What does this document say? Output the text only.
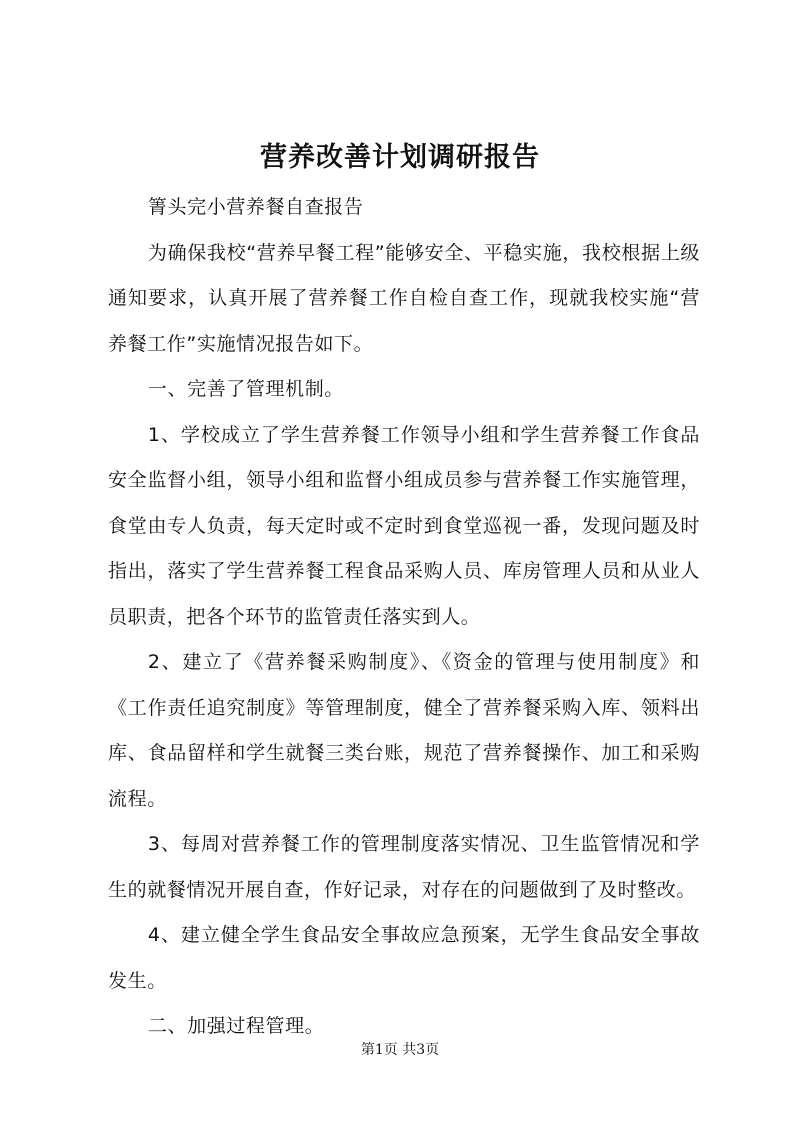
营养改善计划调研报告

箐头完小营养餐自查报告

为确保我校“营养早餐工程”能够安全、平稳实施，我校根据上级通知要求，认真开展了营养餐工作自检自查工作，现就我校实施“营养餐工作”实施情况报告如下。

一、完善了管理机制。

1、学校成立了学生营养餐工作领导小组和学生营养餐工作食品安全监督小组，领导小组和监督小组成员参与营养餐工作实施管理，食堂由专人负责，每天定时或不定时到食堂巡视一番，发现问题及时指出，落实了学生营养餐工程食品采购人员、库房管理人员和从业人员职责，把各个环节的监管责任落实到人。

2、建立了《营养餐采购制度》、《资金的管理与使用制度》和《工作责任追究制度》等管理制度，健全了营养餐采购入库、领料出库、食品留样和学生就餐三类台账，规范了营养餐操作、加工和采购流程。

3、每周对营养餐工作的管理制度落实情况、卫生监管情况和学生的就餐情况开展自查，作好记录，对存在的问题做到了及时整改。

4、建立健全学生食品安全事故应急预案，无学生食品安全事故发生。

二、加强过程管理。

第1页 共3页
